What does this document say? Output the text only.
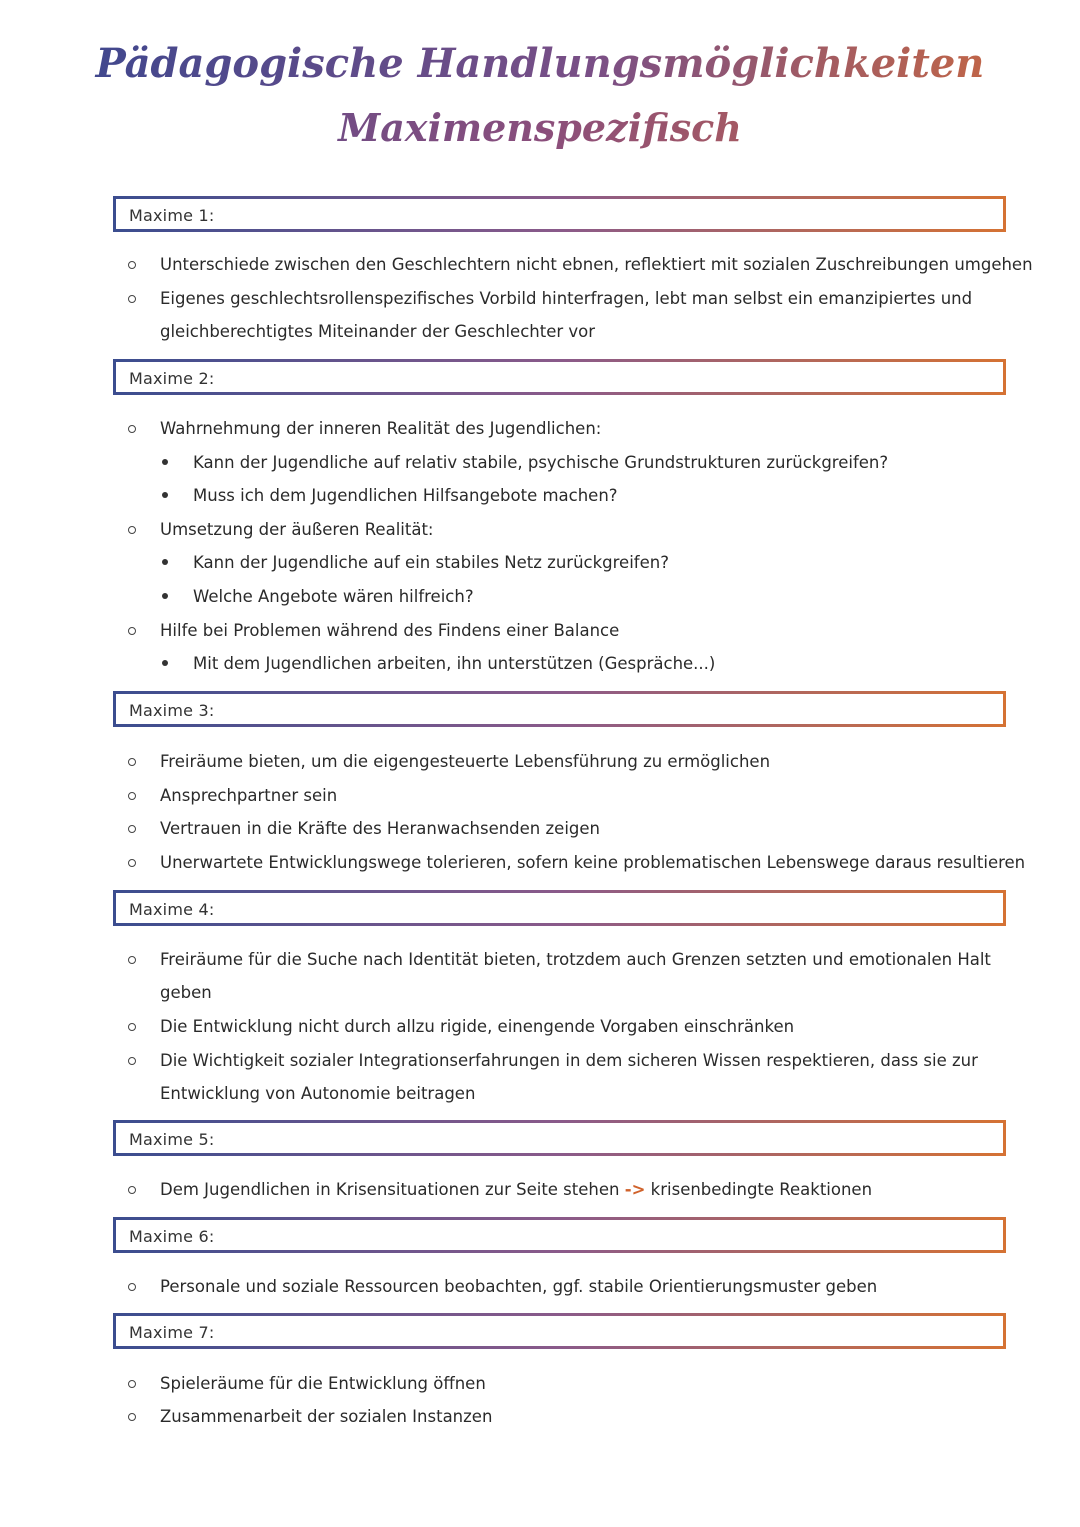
Pädagogische Handlungsmöglichkeiten
Maximenspezifisch
Maxime 1:
Unterschiede zwischen den Geschlechtern nicht ebnen, reflektiert mit sozialen Zuschreibungen umgehen
Eigenes geschlechtsrollenspezifisches Vorbild hinterfragen, lebt man selbst ein emanzipiertes und
gleichberechtigtes Miteinander der Geschlechter vor
Maxime 2:
Wahrnehmung der inneren Realität des Jugendlichen:
Kann der Jugendliche auf relativ stabile, psychische Grundstrukturen zurückgreifen?
Muss ich dem Jugendlichen Hilfsangebote machen?
Umsetzung der äußeren Realität:
Kann der Jugendliche auf ein stabiles Netz zurückgreifen?
Welche Angebote wären hilfreich?
Hilfe bei Problemen während des Findens einer Balance
Mit dem Jugendlichen arbeiten, ihn unterstützen (Gespräche...)
Maxime 3:
Freiräume bieten, um die eigengesteuerte Lebensführung zu ermöglichen
Ansprechpartner sein
Vertrauen in die Kräfte des Heranwachsenden zeigen
Unerwartete Entwicklungswege tolerieren, sofern keine problematischen Lebenswege daraus resultieren
Maxime 4:
Freiräume für die Suche nach Identität bieten, trotzdem auch Grenzen setzten und emotionalen Halt
geben
Die Entwicklung nicht durch allzu rigide, einengende Vorgaben einschränken
Die Wichtigkeit sozialer Integrationserfahrungen in dem sicheren Wissen respektieren, dass sie zur
Entwicklung von Autonomie beitragen
Maxime 5:
Dem Jugendlichen in Krisensituationen zur Seite stehen -> krisenbedingte Reaktionen
Maxime 6:
Personale und soziale Ressourcen beobachten, ggf. stabile Orientierungsmuster geben
Maxime 7:
Spieleräume für die Entwicklung öffnen
Zusammenarbeit der sozialen Instanzen
